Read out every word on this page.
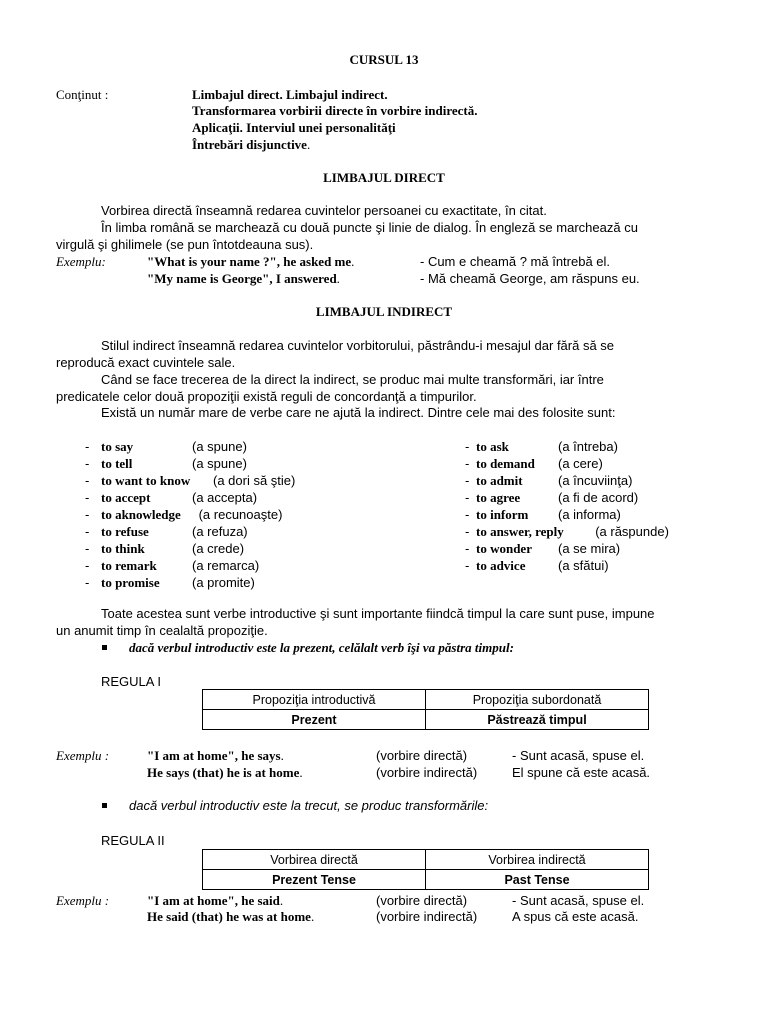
CURSUL 13
Conţinut :	Limbajul direct. Limbajul indirect.
Transformarea vorbirii directe în vorbire indirectă.
Aplicaţii. Interviul unei personalităţi
Întrebări disjunctive.
LIMBAJUL DIRECT
Vorbirea directă înseamnă redarea cuvintelor persoanei cu exactitate, în citat.
În limba română se marchează cu două puncte şi linie de dialog. În engleză se marchează cu
virgulă şi ghilimele (se pun întotdeauna sus).
Exemplu:	"What is your name ?", he asked me.	- Cum e cheamă ? mă întrebă el.
"My name is George", I answered.	- Mă cheamă George, am răspuns eu.
LIMBAJUL INDIRECT
Stilul indirect înseamnă redarea cuvintelor vorbitorului, păstrându-i mesajul dar fără să se
reproducă exact cuvintele sale.
Când se face trecerea de la direct la indirect, se produc mai multe transformări, iar între
predicatele celor două propoziţii există reguli de concordanţă a timpurilor.
Există un număr mare de verbe care ne ajută la indirect. Dintre cele mai des folosite sunt:
- to say	(a spune)
- to tell	(a spune)
- to want to know (a dori să ştie)
- to accept	(a accepta)
- to aknowledge (a recunoaşte)
- to refuse	(a refuza)
- to think	(a crede)
- to remark	(a remarca)
- to promise (a promite)
- to ask	(a întreba)
- to demand (a cere)
- to admit	(a încuviinţa)
- to agree	(a fi de acord)
- to inform (a informa)
- to answer, reply (a răspunde)
- to wonder (a se mira)
- to advice	(a sfătui)
Toate acestea sunt verbe introductive şi sunt importante fiindcă timpul la care sunt puse, impune
un anumit timp în cealaltă propoziţie.
dacă verbul introductiv este la prezent, celălalt verb îşi va păstra timpul:
REGULA I
Propoziţia introductivă	Propoziţia subordonată
Prezent	Păstrează timpul
Exemplu :	"I am at home", he says.	(vorbire directă)	- Sunt acasă, spuse el.
He says (that) he is at home.	(vorbire indirectă)	El spune că este acasă.
dacă verbul introductiv este la trecut, se produc transformările:
REGULA II
Vorbirea directă	Vorbirea indirectă
Prezent Tense	Past Tense
Exemplu :	"I am at home", he said.	(vorbire directă)	- Sunt acasă, spuse el.
He said (that) he was at home.	(vorbire indirectă)	A spus că este acasă.
